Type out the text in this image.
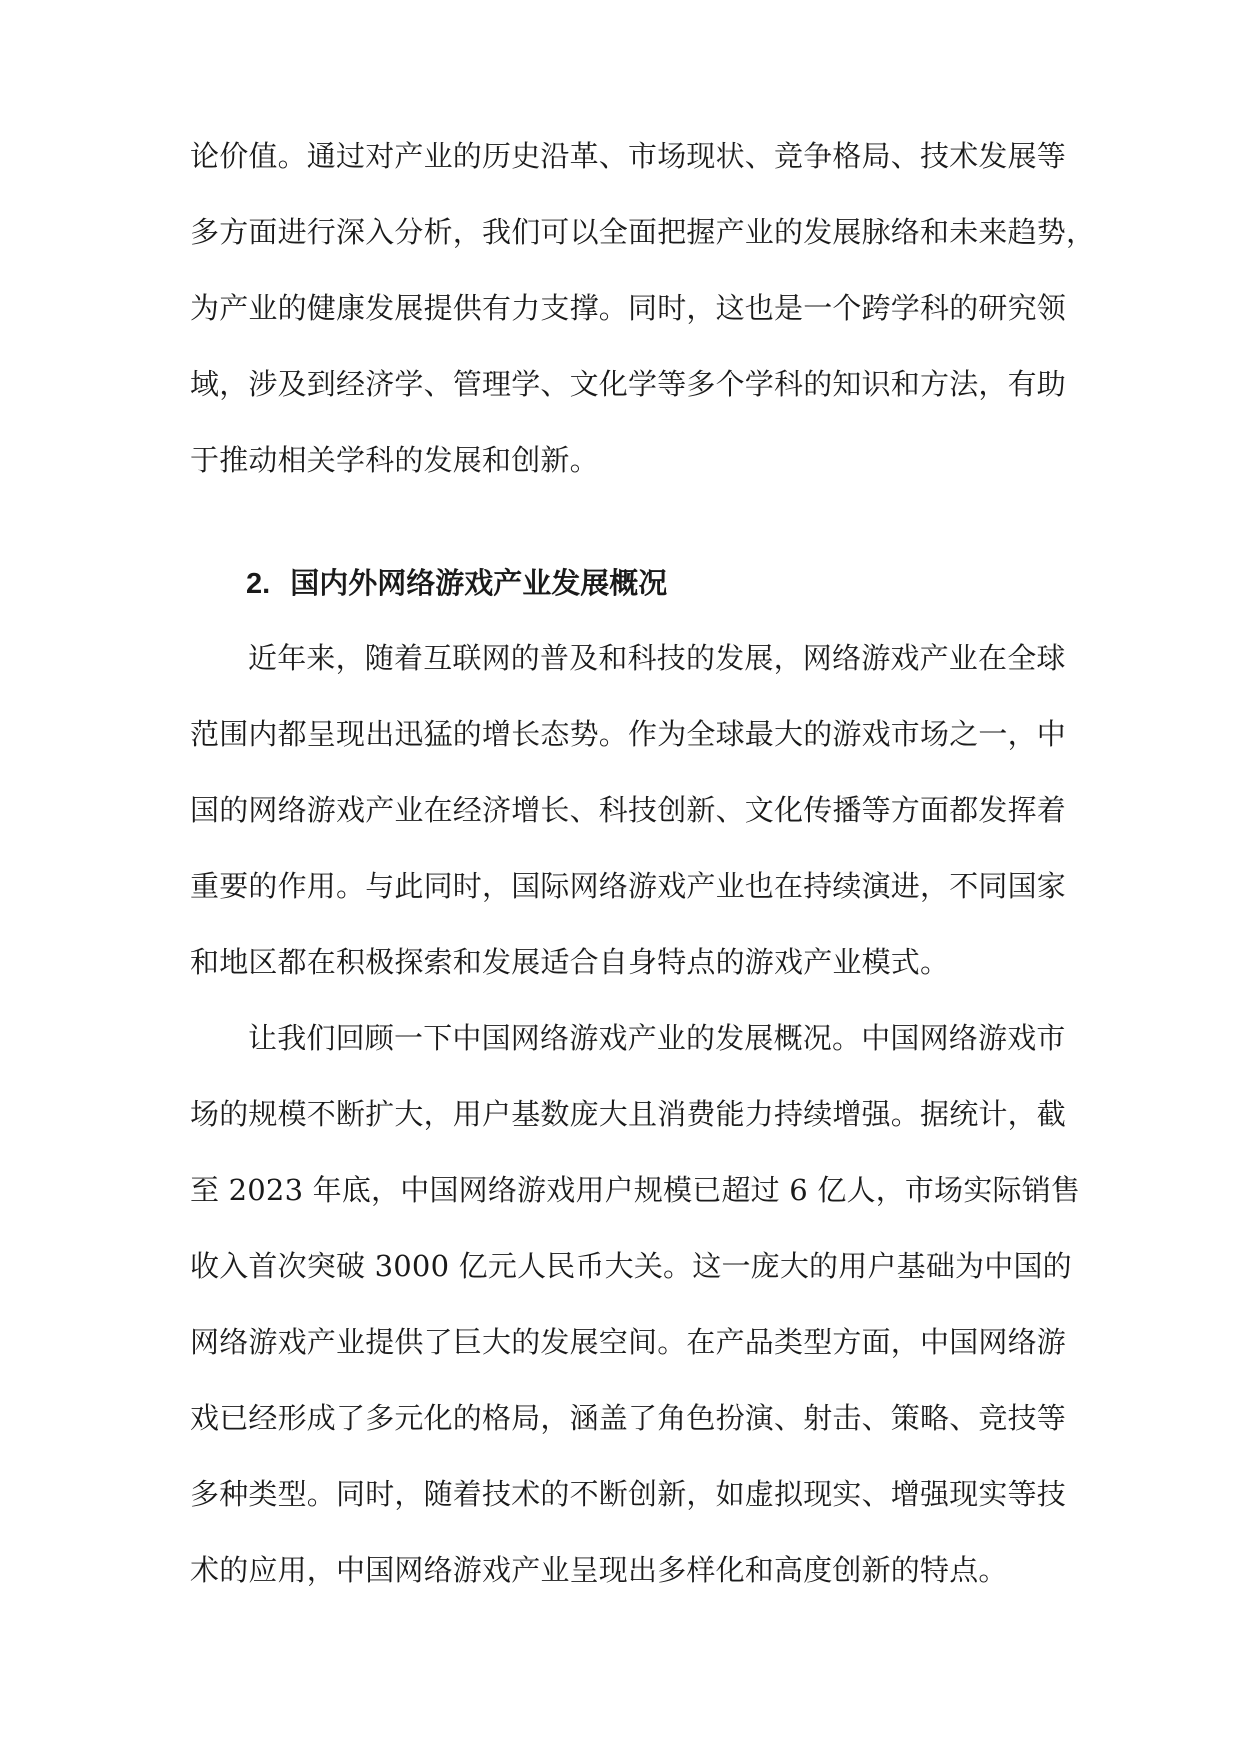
论价值。通过对产业的历史沿革、市场现状、竞争格局、技术发展等
多方面进行深入分析，我们可以全面把握产业的发展脉络和未来趋势，
为产业的健康发展提供有力支撑。同时，这也是一个跨学科的研究领
域，涉及到经济学、管理学、文化学等多个学科的知识和方法，有助
于推动相关学科的发展和创新。
2. 国内外网络游戏产业发展概况
近年来，随着互联网的普及和科技的发展，网络游戏产业在全球
范围内都呈现出迅猛的增长态势。作为全球最大的游戏市场之一，中
国的网络游戏产业在经济增长、科技创新、文化传播等方面都发挥着
重要的作用。与此同时，国际网络游戏产业也在持续演进，不同国家
和地区都在积极探索和发展适合自身特点的游戏产业模式。
让我们回顾一下中国网络游戏产业的发展概况。中国网络游戏市
场的规模不断扩大，用户基数庞大且消费能力持续增强。据统计，截
至 2023 年底，中国网络游戏用户规模已超过 6 亿人，市场实际销售
收入首次突破 3000 亿元人民币大关。这一庞大的用户基础为中国的
网络游戏产业提供了巨大的发展空间。在产品类型方面，中国网络游
戏已经形成了多元化的格局，涵盖了角色扮演、射击、策略、竞技等
多种类型。同时，随着技术的不断创新，如虚拟现实、增强现实等技
术的应用，中国网络游戏产业呈现出多样化和高度创新的特点。
